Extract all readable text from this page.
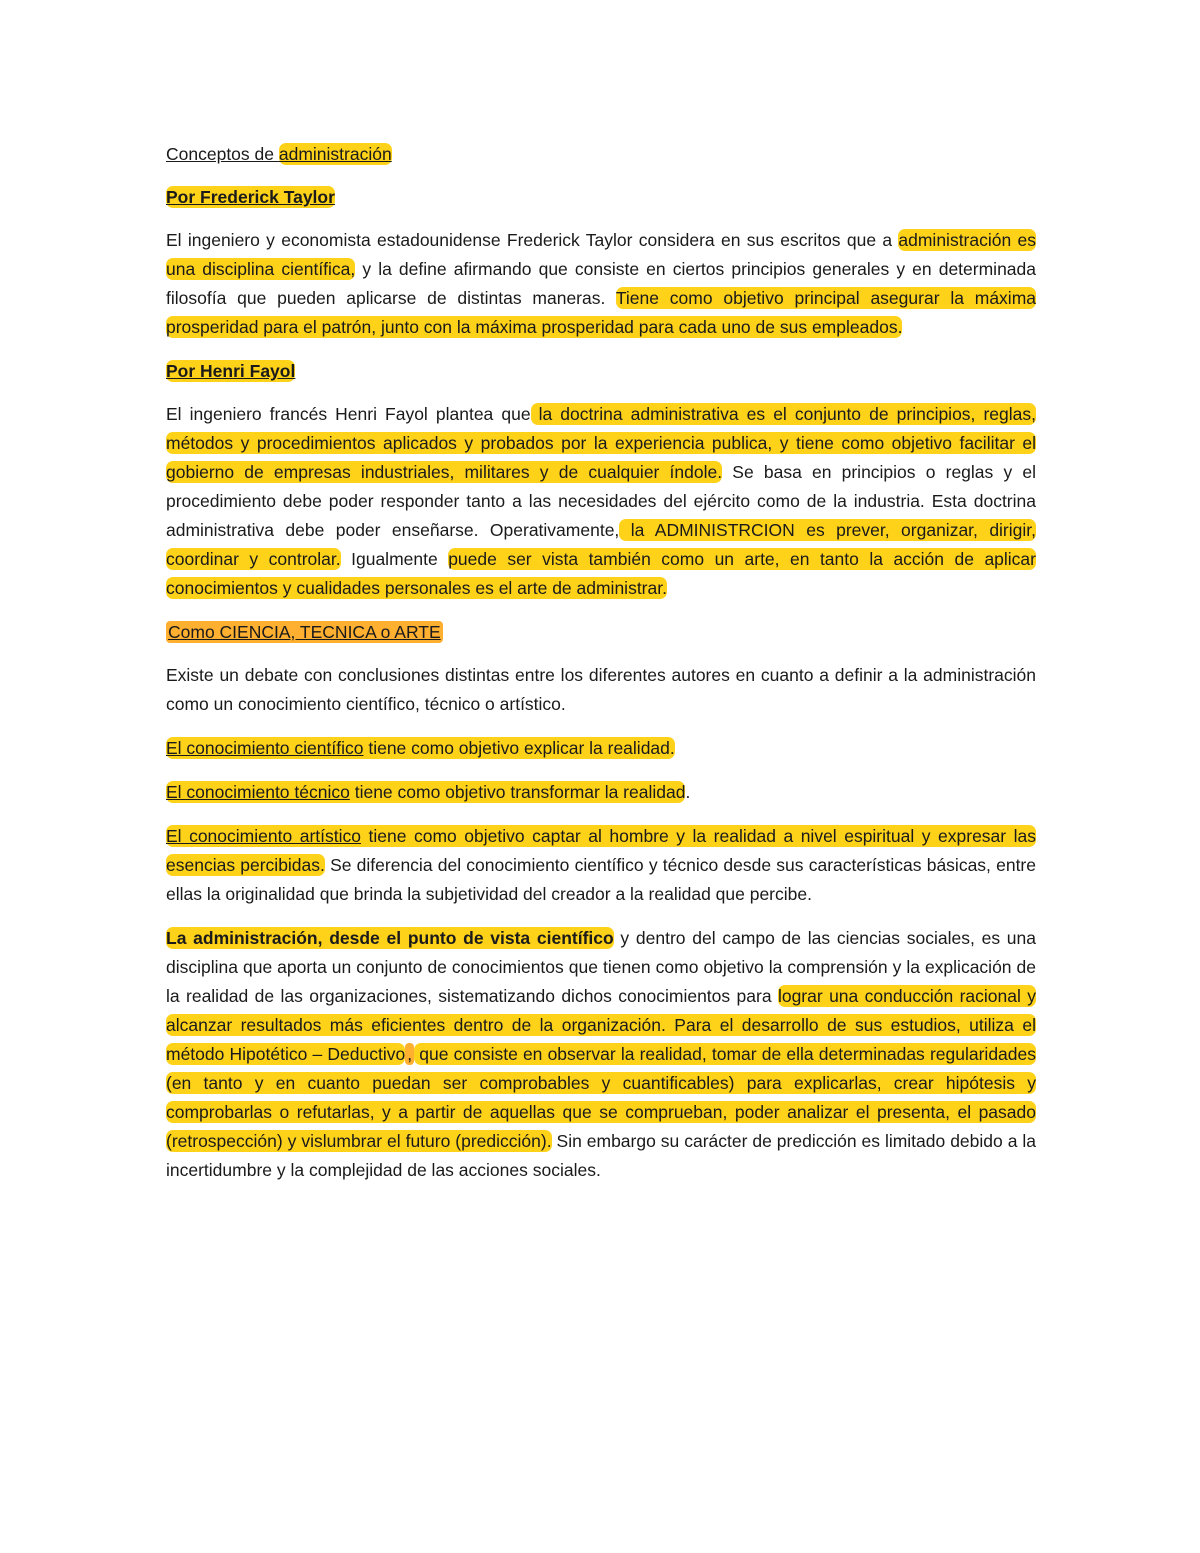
Conceptos de administración

Por Frederick Taylor

El ingeniero y economista estadounidense Frederick Taylor considera en sus escritos que a administración es una disciplina científica, y la define afirmando que consiste en ciertos principios generales y en determinada filosofía que pueden aplicarse de distintas maneras. Tiene como objetivo principal asegurar la máxima prosperidad para el patrón, junto con la máxima prosperidad para cada uno de sus empleados.

Por Henri Fayol

El ingeniero francés Henri Fayol plantea que la doctrina administrativa es el conjunto de principios, reglas, métodos y procedimientos aplicados y probados por la experiencia publica, y tiene como objetivo facilitar el gobierno de empresas industriales, militares y de cualquier índole. Se basa en principios o reglas y el procedimiento debe poder responder tanto a las necesidades del ejército como de la industria. Esta doctrina administrativa debe poder enseñarse. Operativamente, la ADMINISTRCION es prever, organizar, dirigir, coordinar y controlar. Igualmente puede ser vista también como un arte, en tanto la acción de aplicar conocimientos y cualidades personales es el arte de administrar.

Como CIENCIA, TECNICA o ARTE

Existe un debate con conclusiones distintas entre los diferentes autores en cuanto a definir a la administración como un conocimiento científico, técnico o artístico.

El conocimiento científico tiene como objetivo explicar la realidad.

El conocimiento técnico tiene como objetivo transformar la realidad.

El conocimiento artístico tiene como objetivo captar al hombre y la realidad a nivel espiritual y expresar las esencias percibidas. Se diferencia del conocimiento científico y técnico desde sus características básicas, entre ellas la originalidad que brinda la subjetividad del creador a la realidad que percibe.

La administración, desde el punto de vista científico y dentro del campo de las ciencias sociales, es una disciplina que aporta un conjunto de conocimientos que tienen como objetivo la comprensión y la explicación de la realidad de las organizaciones, sistematizando dichos conocimientos para lograr una conducción racional y alcanzar resultados más eficientes dentro de la organización. Para el desarrollo de sus estudios, utiliza el método Hipotético – Deductivo , que consiste en observar la realidad, tomar de ella determinadas regularidades (en tanto y en cuanto puedan ser comprobables y cuantificables) para explicarlas, crear hipótesis y comprobarlas o refutarlas, y a partir de aquellas que se comprueban, poder analizar el presenta, el pasado (retrospección) y vislumbrar el futuro (predicción). Sin embargo su carácter de predicción es limitado debido a la incertidumbre y la complejidad de las acciones sociales.
